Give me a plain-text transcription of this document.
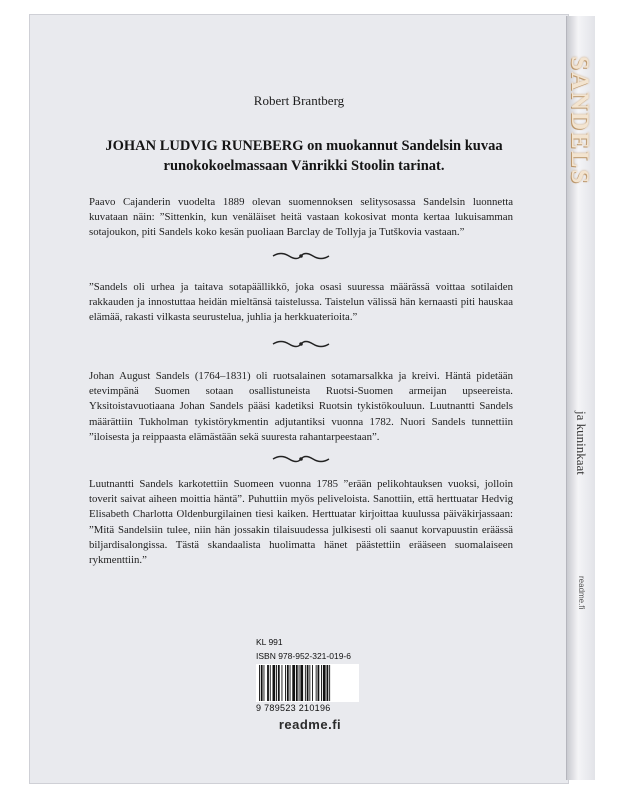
Robert Brantberg
JOHAN LUDVIG RUNEBERG on muokannut Sandelsin kuvaa runokokoelmassaan Vänrikki Stoolin tarinat.
Paavo Cajanderin vuodelta 1889 olevan suomennoksen selitysosassa Sandelsin luonnetta kuvataan näin: ”Sittenkin, kun venäläiset heitä vastaan kokosivat monta kertaa lukuisamman sotajoukon, piti Sandels koko kesän puoliaan Barclay de Tollyja ja Tutškovia vastaan.”
”Sandels oli urhea ja taitava sotapäällikkö, joka osasi suuressa määrässä voittaa sotilaiden rakkauden ja innostuttaa heidän mieltänsä taistelussa. Taistelun välissä hän kernaasti piti hauskaa elämää, rakasti vilkasta seurustelua, juhlia ja herkkuaterioita.”
Johan August Sandels (1764–1831) oli ruotsalainen sotamarsalkka ja kreivi. Häntä pidetään etevimpänä Suomen sotaan osallistuneista Ruotsi-Suomen armeijan upseereista. Yksitoistavuotiaana Johan Sandels pääsi kadetiksi Ruotsin tykistökouluun. Luutnantti Sandels määrättiin Tukholman tykistörykmentin adjutantiksi vuonna 1782. Nuori Sandels tunnettiin ”iloisesta ja reippaasta elämästään sekä suuresta rahantarpeestaan”.
Luutnantti Sandels karkotettiin Suomeen vuonna 1785 ”erään pelikohtauksen vuoksi, jolloin toverit saivat aiheen moittia häntä”. Puhuttiin myös peliveloista. Sanottiin, että herttuatar Hedvig Elisabeth Charlotta Oldenburgilainen tiesi kaiken. Herttuatar kirjoittaa kuulussa päiväkirjassaan: ”Mitä Sandelsiin tulee, niin hän jossakin tilaisuudessa julkisesti oli saanut korvapuustin eräässä biljardisalongissa. Tästä skandaalista huolimatta hänet päästettiin erääseen suomalaiseen rykmenttiin.”
KL 991
ISBN 978-952-321-019-6
9 789523 210196
readme.fi
SANDELS
ja kuninkaat
readme.fi
